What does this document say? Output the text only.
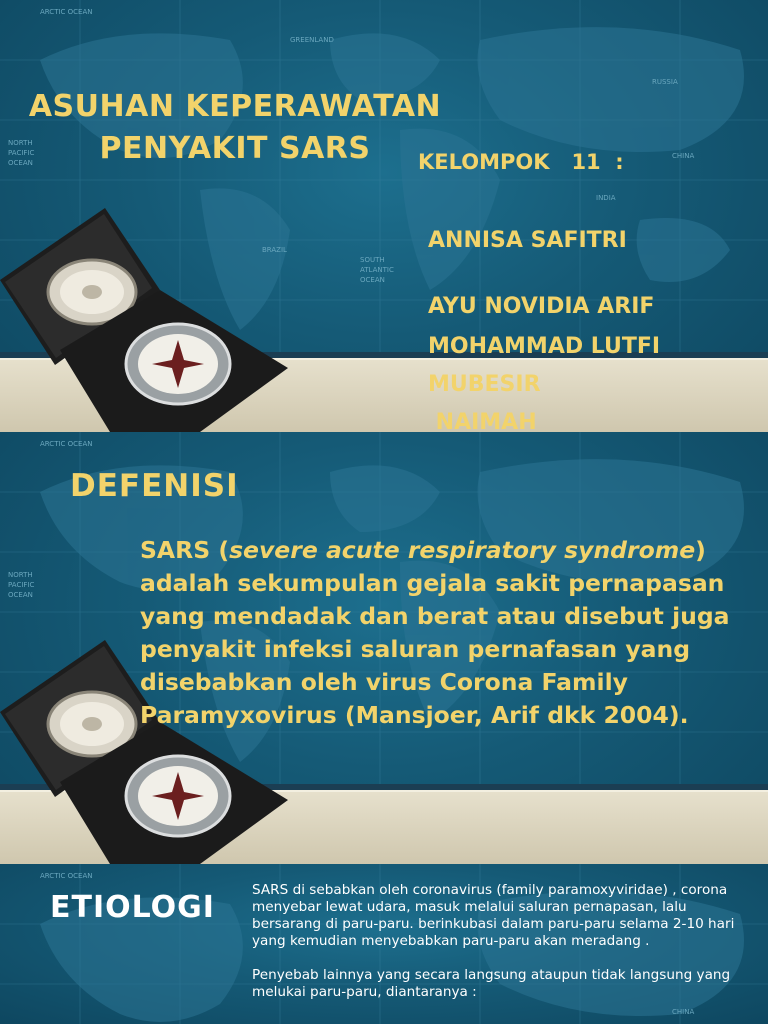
ARCTIC OCEAN
GREENLAND
RUSSIA
CHINA
BRAZIL
SOUTH
ATLANTIC
OCEAN
NORTH
PACIFIC
OCEAN
INDIA
ASUHAN KEPERAWATAN
PENYAKIT SARS	KELOMPOK   11  :
ANNISA SAFITRI
AYU NOVIDIA ARIF
MOHAMMAD LUTFI
MUBESIR
NAIMAH
ARCTIC OCEAN
NORTH
PACIFIC
OCEAN
ARCTIC OCEAN
CHINA
DEFENISI
SARS (severe acute respiratory syndrome) adalah sekumpulan gejala sakit pernapasan yang mendadak dan berat atau disebut juga penyakit infeksi saluran pernafasan yang disebabkan oleh virus Corona Family Paramyxovirus (Mansjoer, Arif dkk 2004).
ETIOLOGI	SARS di sebabkan oleh coronavirus (family paramoxyviridae) , corona menyebar lewat udara, masuk melalui saluran pernapasan, lalu bersarang di paru-paru. berinkubasi dalam paru-paru selama 2-10 hari yang kemudian menyebabkan paru-paru akan meradang .

Penyebab lainnya yang secara langsung ataupun tidak langsung yang melukai paru-paru, diantaranya :
